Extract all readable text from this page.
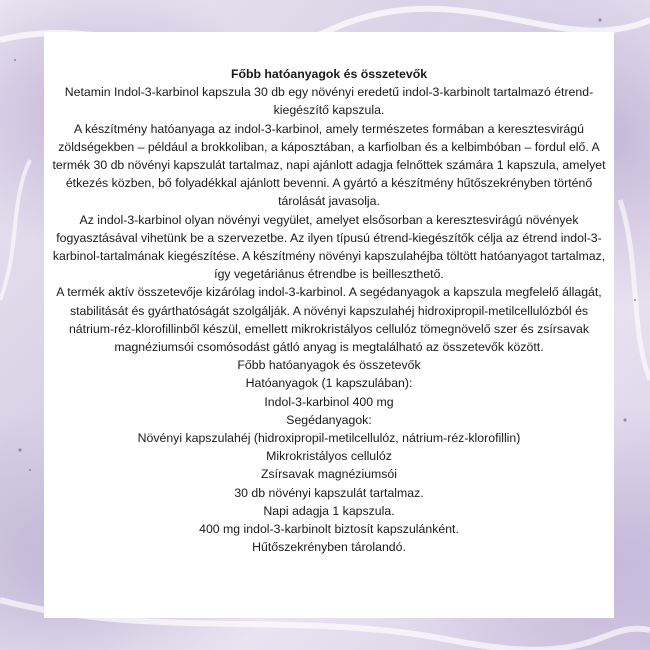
Főbb hatóanyagok és összetevők

Netamin Indol-3-karbinol kapszula 30 db egy növényi eredetű indol-3-karbinolt tartalmazó étrend-kiegészítő kapszula.

A készítmény hatóanyaga az indol-3-karbinol, amely természetes formában a keresztesvirágú zöldségekben – például a brokkoliban, a káposztában, a karfiolban és a kelbimbóban – fordul elő. A termék 30 db növényi kapszulát tartalmaz, napi ajánlott adagja felnőttek számára 1 kapszula, amelyet étkezés közben, bő folyadékkal ajánlott bevenni. A gyártó a készítmény hűtőszekrényben történő tárolását javasolja.

Az indol-3-karbinol olyan növényi vegyület, amelyet elsősorban a keresztesvirágú növények fogyasztásával vihetünk be a szervezetbe. Az ilyen típusú étrend-kiegészítők célja az étrend indol-3-karbinol-tartalmának kiegészítése. A készítmény növényi kapszulahéjba töltött hatóanyagot tartalmaz, így vegetáriánus étrendbe is beilleszthető.

A termék aktív összetevője kizárólag indol-3-karbinol. A segédanyagok a kapszula megfelelő állagát, stabilitását és gyárthatóságát szolgálják. A növényi kapszulahéj hidroxipropil-metilcellulózból és nátrium-réz-klorofillinből készül, emellett mikrokristályos cellulóz tömegnövelő szer és zsírsavak magnéziumsói csomósodást gátló anyag is megtalálható az összetevők között.

Főbb hatóanyagok és összetevők

Hatóanyagok (1 kapszulában):

Indol-3-karbinol 400 mg

Segédanyagok:

Növényi kapszulahéj (hidroxipropil-metilcellulóz, nátrium-réz-klorofillin)

Mikrokristályos cellulóz

Zsírsavak magnéziumsói

30 db növényi kapszulát tartalmaz.

Napi adagja 1 kapszula.

400 mg indol-3-karbinolt biztosít kapszulánként.

Hűtőszekrényben tárolandó.
